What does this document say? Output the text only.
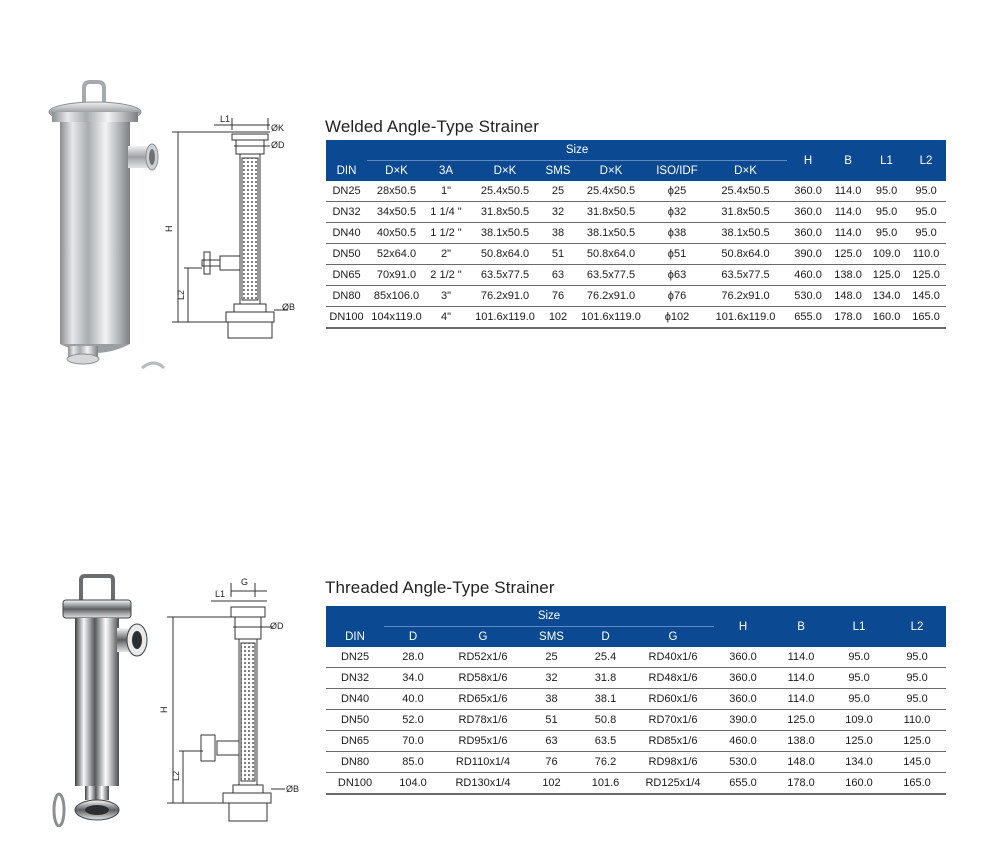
L1
ØK
ØD
H
L2
ØB
Welded Angle-Type Strainer
	Size							H	B	L1	L2
DIN	D×K	3A	D×K	SMS	D×K	ISO/IDF	D×K				
DN25	28x50.5	1"	25.4x50.5	25	25.4x50.5	ϕ25	25.4x50.5	360.0	114.0	95.0	95.0
DN32	34x50.5	1 1/4 "	31.8x50.5	32	31.8x50.5	ϕ32	31.8x50.5	360.0	114.0	95.0	95.0
DN40	40x50.5	1 1/2 "	38.1x50.5	38	38.1x50.5	ϕ38	38.1x50.5	360.0	114.0	95.0	95.0
DN50	52x64.0	2"	50.8x64.0	51	50.8x64.0	ϕ51	50.8x64.0	390.0	125.0	109.0	110.0
DN65	70x91.0	2 1/2 "	63.5x77.5	63	63.5x77.5	ϕ63	63.5x77.5	460.0	138.0	125.0	125.0
DN80	85x106.0	3"	76.2x91.0	76	76.2x91.0	ϕ76	76.2x91.0	530.0	148.0	134.0	145.0
DN100	104x119.0	4"	101.6x119.0	102	101.6x119.0	ϕ102	101.6x119.0	655.0	178.0	160.0	165.0
G
L1
ØD
H
L2
ØB
Threaded Angle-Type Strainer
	Size					H	B	L1	L2
DIN	D	G	SMS	D	G				
DN25	28.0	RD52x1/6	25	25.4	RD40x1/6	360.0	114.0	95.0	95.0
DN32	34.0	RD58x1/6	32	31.8	RD48x1/6	360.0	114.0	95.0	95.0
DN40	40.0	RD65x1/6	38	38.1	RD60x1/6	360.0	114.0	95.0	95.0
DN50	52.0	RD78x1/6	51	50.8	RD70x1/6	390.0	125.0	109.0	110.0
DN65	70.0	RD95x1/6	63	63.5	RD85x1/6	460.0	138.0	125.0	125.0
DN80	85.0	RD110x1/4	76	76.2	RD98x1/6	530.0	148.0	134.0	145.0
DN100	104.0	RD130x1/4	102	101.6	RD125x1/4	655.0	178.0	160.0	165.0
